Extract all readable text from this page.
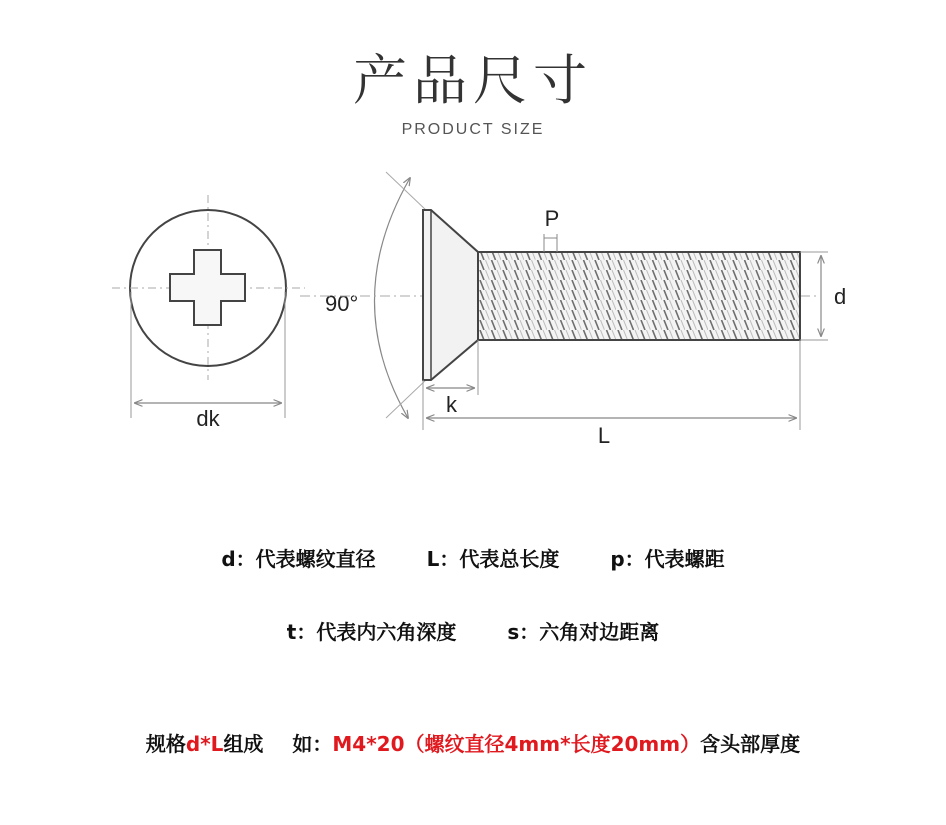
产品尺寸
PRODUCT SIZE
dk
90°
P
d
k
L
d：代表螺纹直径	L：代表总长度	p：代表螺距
t：代表内六角深度	s：六角对边距离
规格d*L组成 如：M4*20（螺纹直径4mm*长度20mm）含头部厚度
